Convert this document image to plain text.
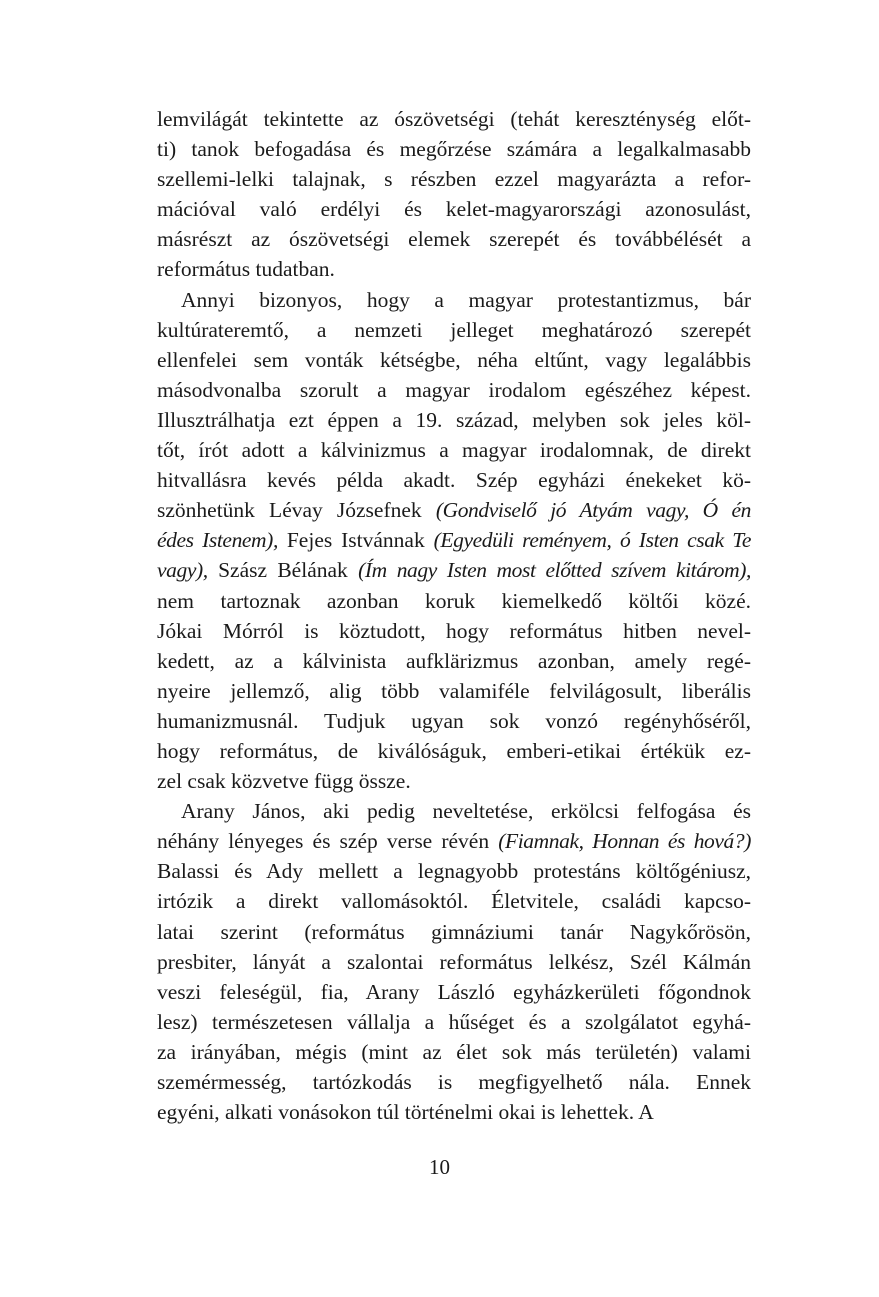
lemvilágát tekintette az ószövetségi (tehát kereszténység előt-
ti) tanok befogadása és megőrzése számára a legalkalmasabb
szellemi-lelki talajnak, s részben ezzel magyarázta a refor-
mációval való erdélyi és kelet-magyarországi azonosulást,
másrészt az ószövetségi elemek szerepét és továbbélését a
református tudatban.
Annyi bizonyos, hogy a magyar protestantizmus, bár
kultúrateremtő, a nemzeti jelleget meghatározó szerepét
ellenfelei sem vonták kétségbe, néha eltűnt, vagy legalábbis
másodvonalba szorult a magyar irodalom egészéhez képest.
Illusztrálhatja ezt éppen a 19. század, melyben sok jeles köl-
tőt, írót adott a kálvinizmus a magyar irodalomnak, de direkt
hitvallásra kevés példa akadt. Szép egyházi énekeket kö-
szönhetünk Lévay Józsefnek (Gondviselő jó Atyám vagy, Ó én
édes Istenem), Fejes Istvánnak (Egyedüli reményem, ó Isten csak Te
vagy), Szász Bélának (Ím nagy Isten most előtted szívem kitárom),
nem tartoznak azonban koruk kiemelkedő költői közé.
Jókai Mórról is köztudott, hogy református hitben nevel-
kedett, az a kálvinista aufklärizmus azonban, amely regé-
nyeire jellemző, alig több valamiféle felvilágosult, liberális
humanizmusnál. Tudjuk ugyan sok vonzó regényhőséről,
hogy református, de kiválóságuk, emberi-etikai értékük ez-
zel csak közvetve függ össze.
Arany János, aki pedig neveltetése, erkölcsi felfogása és
néhány lényeges és szép verse révén (Fiamnak, Honnan és hová?)
Balassi és Ady mellett a legnagyobb protestáns költőgéniusz,
irtózik a direkt vallomásoktól. Életvitele, családi kapcso-
latai szerint (református gimnáziumi tanár Nagykőrösön,
presbiter, lányát a szalontai református lelkész, Szél Kálmán
veszi feleségül, fia, Arany László egyházkerületi főgondnok
lesz) természetesen vállalja a hűséget és a szolgálatot egyhá-
za irányában, mégis (mint az élet sok más területén) valami
szemérmesség, tartózkodás is megfigyelhető nála. Ennek
egyéni, alkati vonásokon túl történelmi okai is lehettek. A
10
